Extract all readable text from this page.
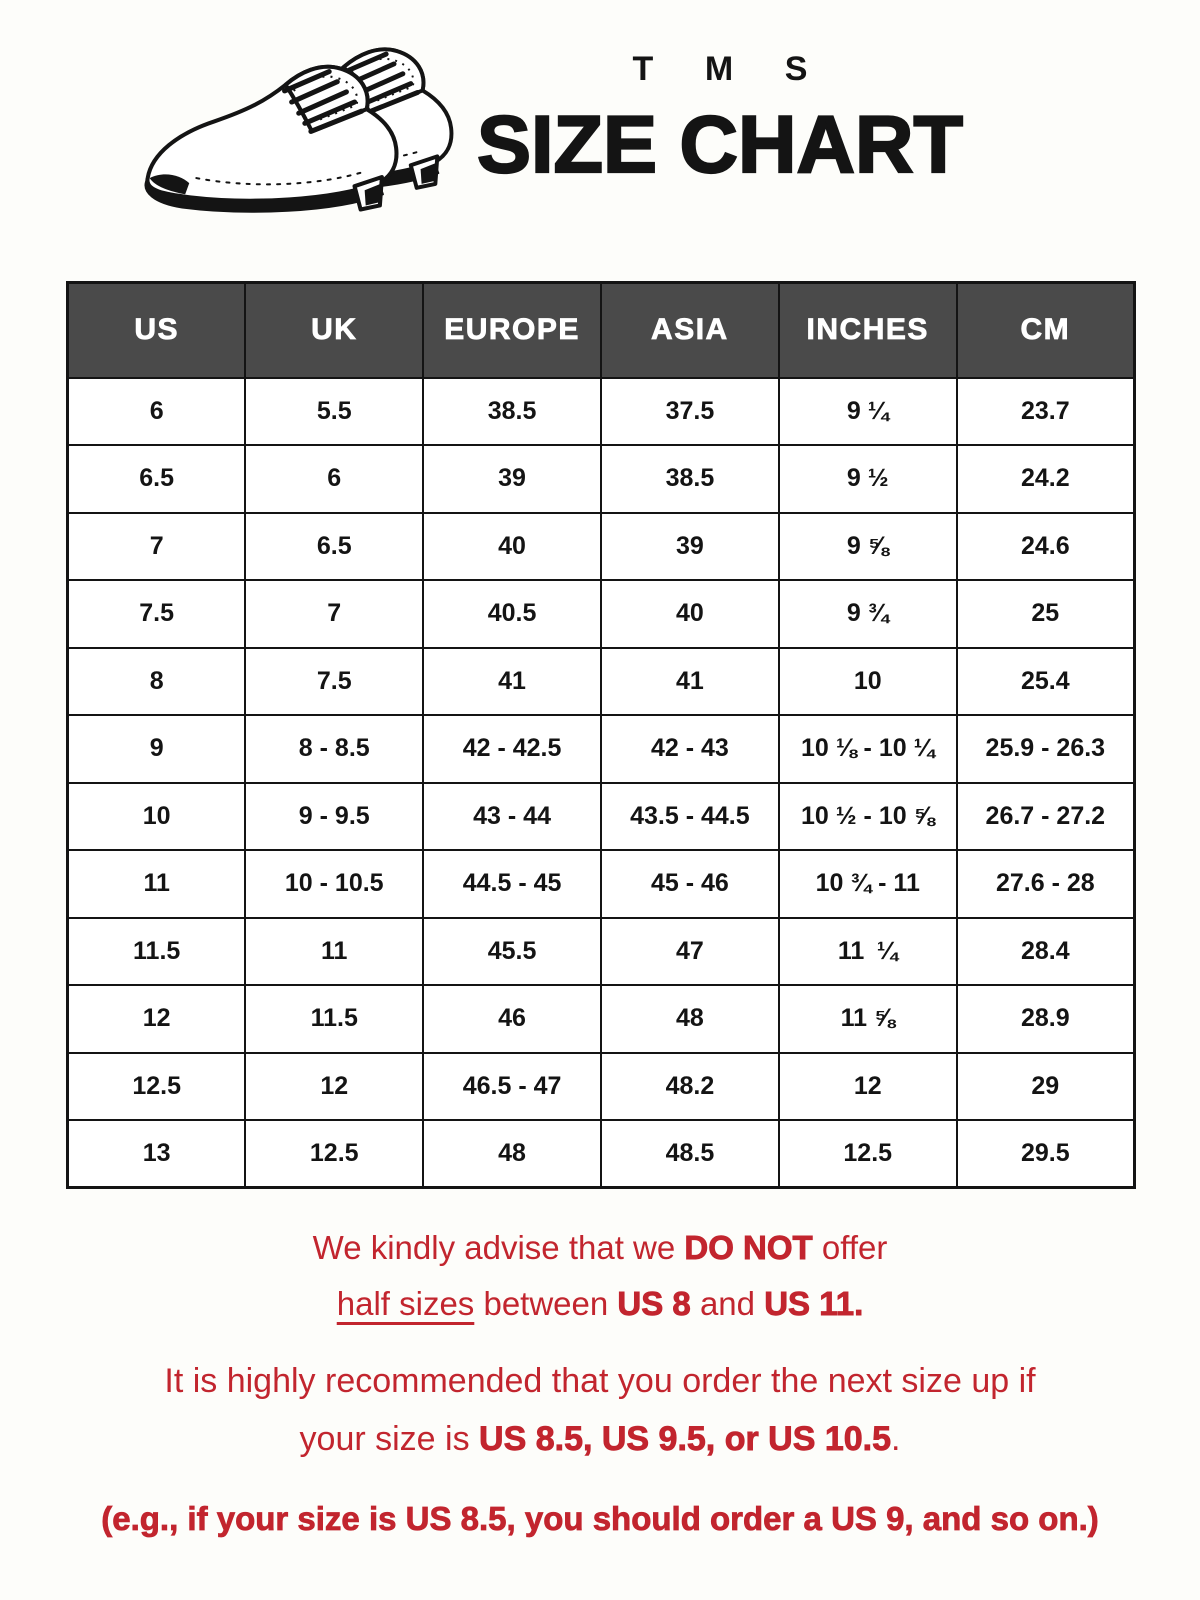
T M S
SIZE CHART
US	UK	EUROPE	ASIA	INCHES	CM
6	5.5	38.5	37.5	9 ¼	23.7
6.5	6	39	38.5	9 ½	24.2
7	6.5	40	39	9 ⅝	24.6
7.5	7	40.5	40	9 ¾	25
8	7.5	41	41	10	25.4
9	8 - 8.5	42 - 42.5	42 - 43	10 ⅛ - 10 ¼	25.9 - 26.3
10	9 - 9.5	43 - 44	43.5 - 44.5	10 ½ - 10 ⅝	26.7 - 27.2
11	10 - 10.5	44.5 - 45	45 - 46	10 ¾ - 11	27.6 - 28
11.5	11	45.5	47	11 ¼	28.4
12	11.5	46	48	11 ⅝	28.9
12.5	12	46.5 - 47	48.2	12	29
13	12.5	48	48.5	12.5	29.5

We kindly advise that we DO NOT offer
half sizes between US 8 and US 11.

It is highly recommended that you order the next size up if
your size is US 8.5, US 9.5, or US 10.5.

(e.g., if your size is US 8.5, you should order a US 9, and so on.)
